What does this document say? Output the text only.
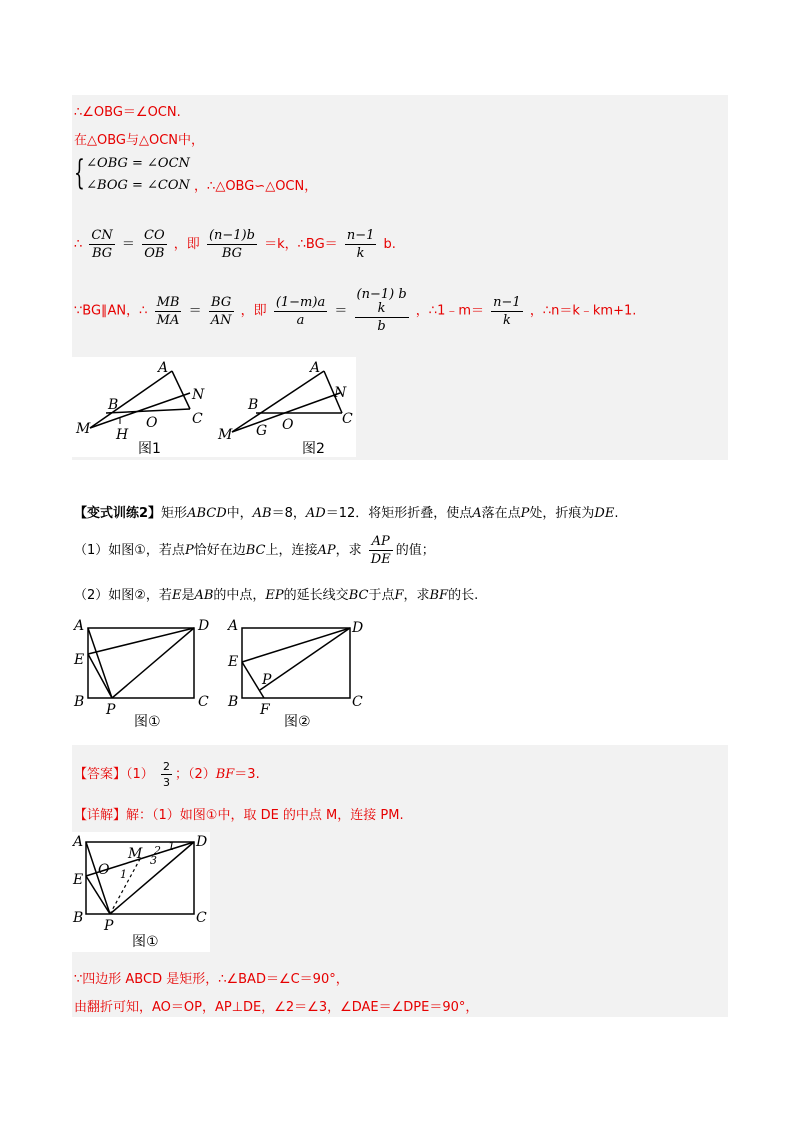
∴∠OBG＝∠OCN.
在△OBG与△OCN中，
{ ∠OBG = ∠OCN
∠BOG = ∠CON ，∴△OBG∽△OCN，
∴ $\frac{CN}{BG} = \frac{CO}{OB}$ ，即 $\frac{(n-1)b}{BG} =k$，∴BG＝ $\frac{n-1}{k} b$.
∵BG∥AN，∴ $\frac{MB}{MA} = \frac{BG}{AN}$ ，即 $\frac{(1-m)a}{a}$ ＝
(n−1) b
k
b
，∴1﹣m＝ $\frac{n-1}{k}$ ，∴n＝k﹣km+1.
A
B
N
C
M H
O
图1
A
B
N
C
M G O
图2
【变式训练2】矩形ABCD中，AB＝8，AD＝12．将矩形折叠，使点A落在点P处，折痕为DE.
（1）如图①，若点P恰好在边BC上，连接AP，求 $\frac{AP}{DE}$ 的值；
（2）如图②，若E是AB的中点，EP的延长线交BC于点F，求BF的长.
A	D
E
B P	C
图①
A	D
E
P
B F	C
图②
【答案】$(1) \frac{2}{3}$ ；（2）BF＝3.
【详解】解：（1）如图①中，取 DE 的中点 M，连接 PM.
A	D
M 2
3
1
O 1
E
B P	C
图①
∵四边形 ABCD 是矩形，∴∠BAD＝∠C＝90°，
由翻折可知，AO＝OP，AP⊥DE，∠2＝∠3，∠DAE＝∠DPE＝90°，
